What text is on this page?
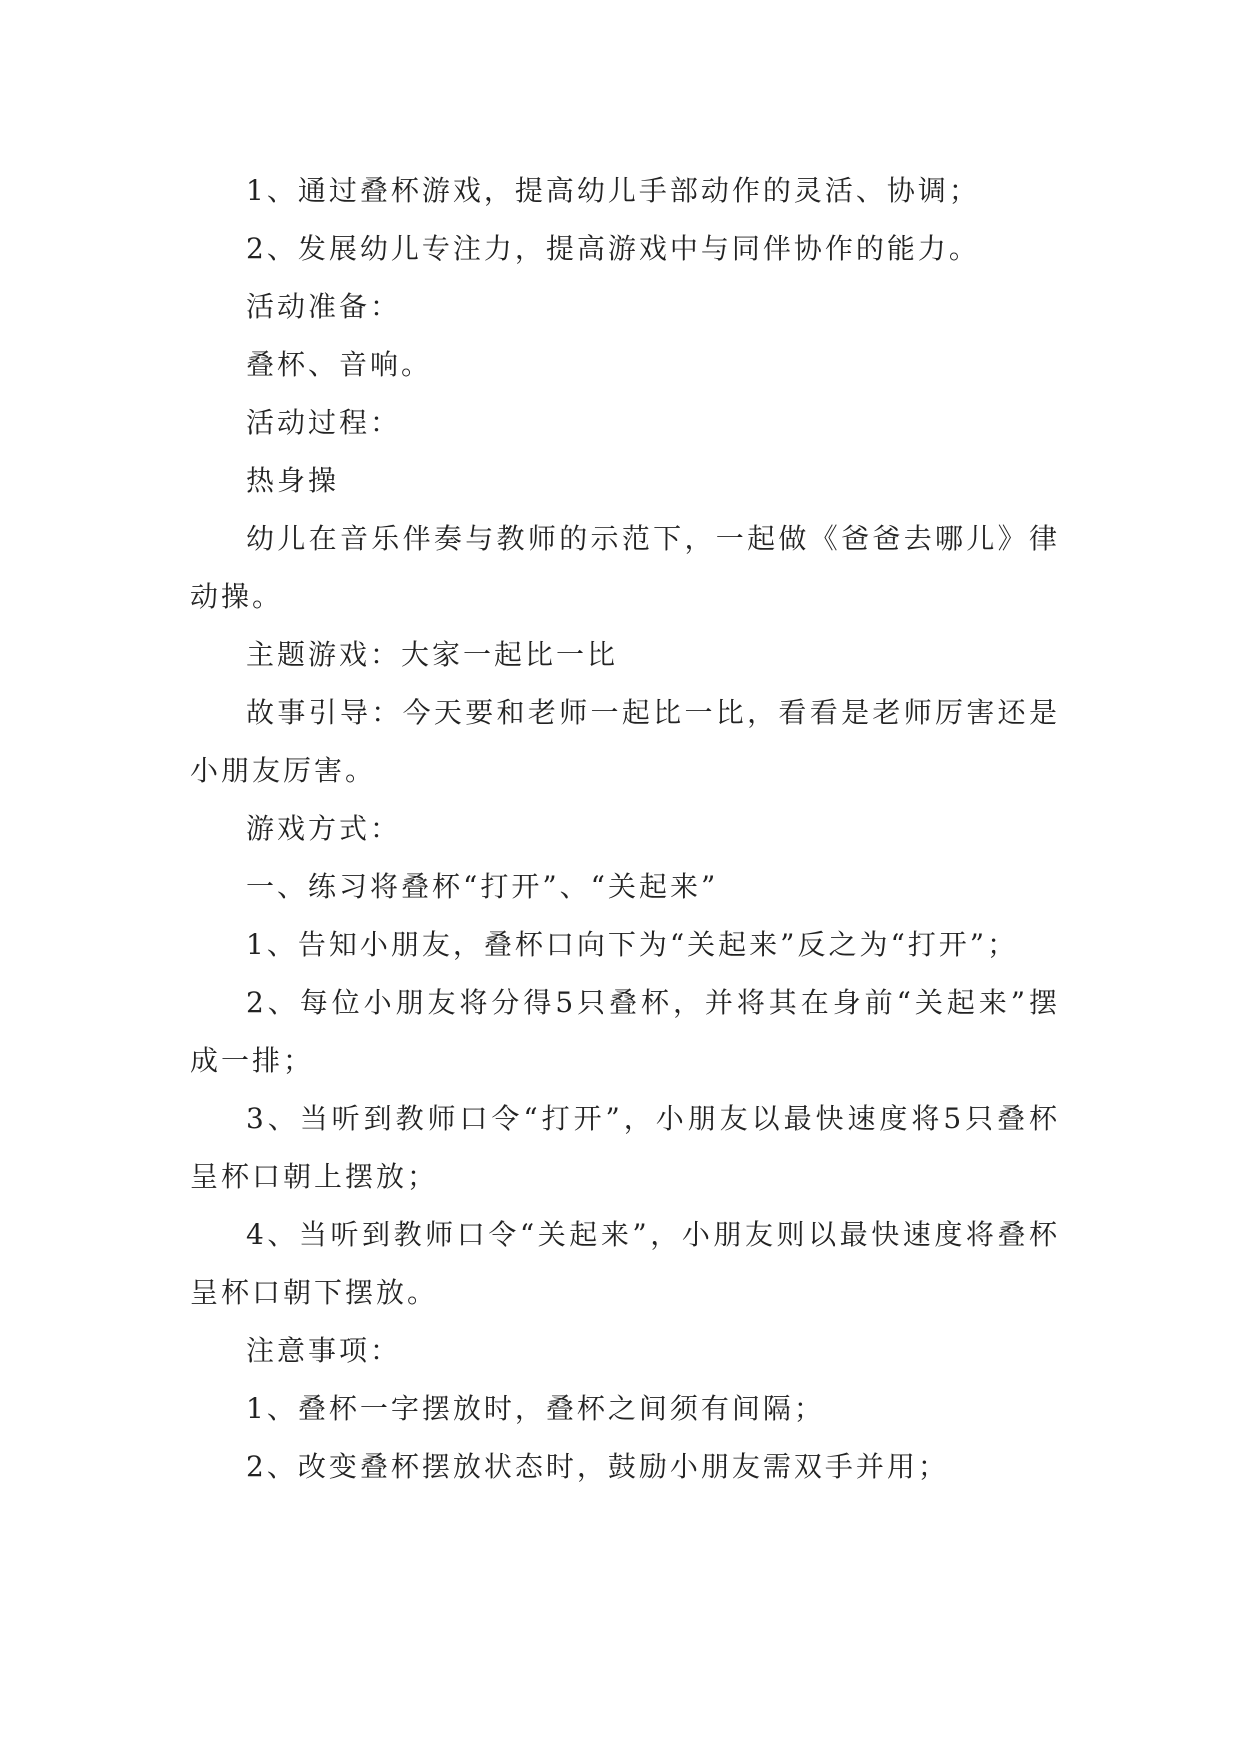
1、通过叠杯游戏，提高幼儿手部动作的灵活、协调；

2、发展幼儿专注力，提高游戏中与同伴协作的能力。

活动准备：

叠杯、音响。

活动过程：

热身操

幼儿在音乐伴奏与教师的示范下，一起做《爸爸去哪儿》律动操。

主题游戏：大家一起比一比

故事引导：今天要和老师一起比一比，看看是老师厉害还是小朋友厉害。

游戏方式：

一、练习将叠杯“打开”、“关起来”

1、告知小朋友，叠杯口向下为“关起来”反之为“打开”；

2、每位小朋友将分得5只叠杯，并将其在身前“关起来”摆成一排；

3、当听到教师口令“打开”，小朋友以最快速度将5只叠杯呈杯口朝上摆放；

4、当听到教师口令“关起来”，小朋友则以最快速度将叠杯呈杯口朝下摆放。

注意事项：

1、叠杯一字摆放时，叠杯之间须有间隔；

2、改变叠杯摆放状态时，鼓励小朋友需双手并用；
